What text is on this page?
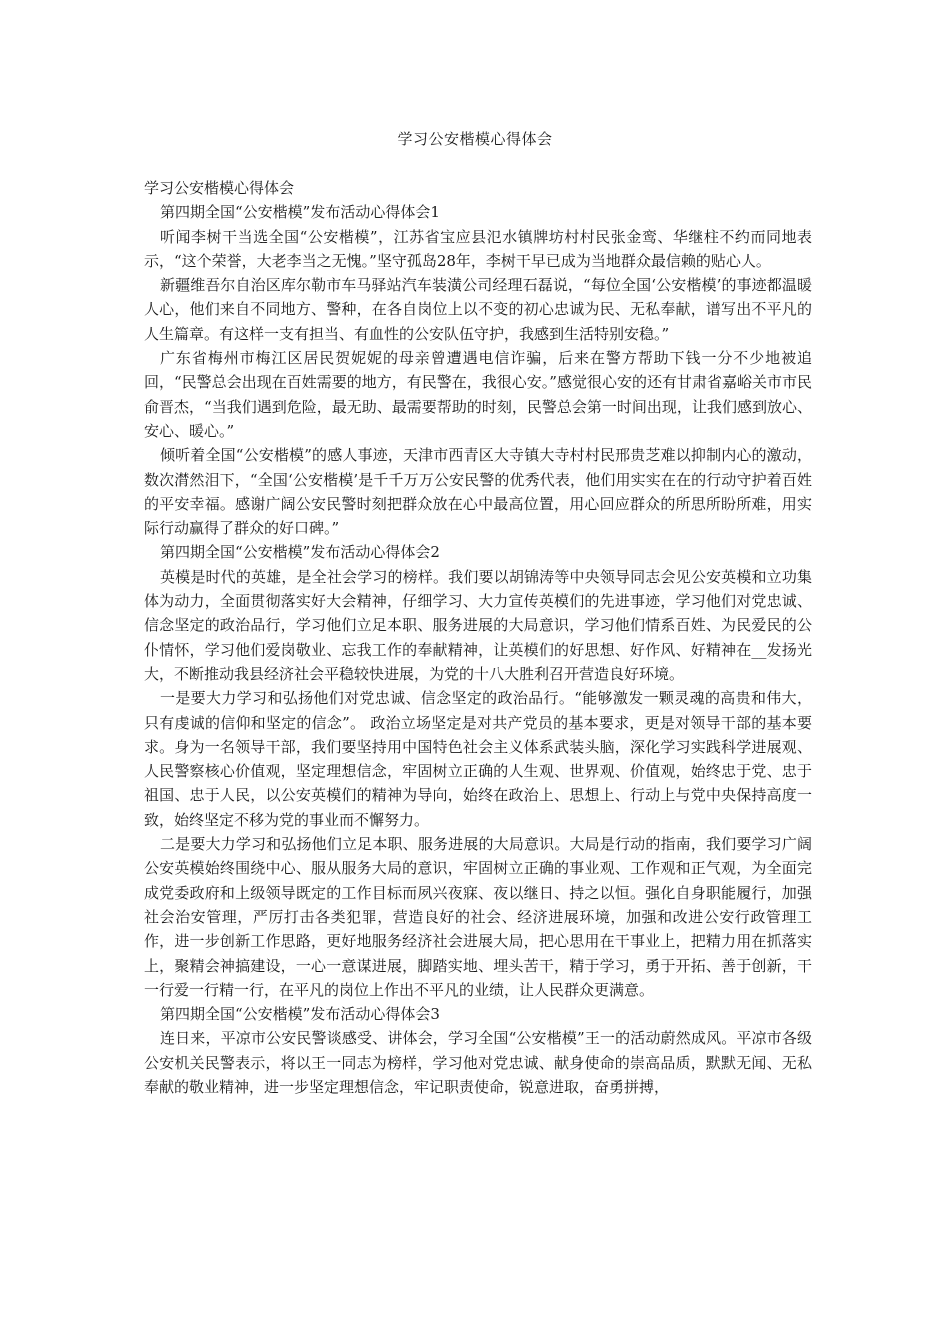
学习公安楷模心得体会

学习公安楷模心得体会

第四期全国“公安楷模”发布活动心得体会1

听闻李树干当选全国“公安楷模”，江苏省宝应县氾水镇牌坊村村民张金鸾、华继柱不约而同地表示，“这个荣誉，大老李当之无愧。”坚守孤岛28年，李树干早已成为当地群众最信赖的贴心人。

新疆维吾尔自治区库尔勒市车马驿站汽车装潢公司经理石磊说，“每位全国‘公安楷模’的事迹都温暖人心，他们来自不同地方、警种，在各自岗位上以不变的初心忠诚为民、无私奉献，谱写出不平凡的人生篇章。有这样一支有担当、有血性的公安队伍守护，我感到生活特别安稳。”

广东省梅州市梅江区居民贺妮妮的母亲曾遭遇电信诈骗，后来在警方帮助下钱一分不少地被追回，“民警总会出现在百姓需要的地方，有民警在，我很心安。”感觉很心安的还有甘肃省嘉峪关市市民俞晋杰，“当我们遇到危险，最无助、最需要帮助的时刻，民警总会第一时间出现，让我们感到放心、安心、暖心。”

倾听着全国“公安楷模”的感人事迹，天津市西青区大寺镇大寺村村民邢贵芝难以抑制内心的激动，数次潸然泪下，“全国‘公安楷模’是千千万万公安民警的优秀代表，他们用实实在在的行动守护着百姓的平安幸福。感谢广阔公安民警时刻把群众放在心中最高位置，用心回应群众的所思所盼所难，用实际行动赢得了群众的好口碑。”

第四期全国“公安楷模”发布活动心得体会2

英模是时代的英雄，是全社会学习的榜样。我们要以胡锦涛等中央领导同志会见公安英模和立功集体为动力，全面贯彻落实好大会精神，仔细学习、大力宣传英模们的先进事迹，学习他们对党忠诚、信念坚定的政治品行，学习他们立足本职、服务进展的大局意识，学习他们情系百姓、为民爱民的公仆情怀，学习他们爱岗敬业、忘我工作的奉献精神，让英模们的好思想、好作风、好精神在__发扬光大，不断推动我县经济社会平稳较快进展，为党的十八大胜利召开营造良好环境。

一是要大力学习和弘扬他们对党忠诚、信念坚定的政治品行。“能够激发一颗灵魂的高贵和伟大，只有虔诚的信仰和坚定的信念”。 政治立场坚定是对共产党员的基本要求，更是对领导干部的基本要求。身为一名领导干部，我们要坚持用中国特色社会主义体系武装头脑，深化学习实践科学进展观、人民警察核心价值观，坚定理想信念，牢固树立正确的人生观、世界观、价值观，始终忠于党、忠于祖国、忠于人民，以公安英模们的精神为导向，始终在政治上、思想上、行动上与党中央保持高度一致，始终坚定不移为党的事业而不懈努力。

二是要大力学习和弘扬他们立足本职、服务进展的大局意识。大局是行动的指南，我们要学习广阔公安英模始终围绕中心、服从服务大局的意识，牢固树立正确的事业观、工作观和正气观，为全面完成党委政府和上级领导既定的工作目标而夙兴夜寐、夜以继日、持之以恒。强化自身职能履行，加强社会治安管理，严厉打击各类犯罪，营造良好的社会、经济进展环境，加强和改进公安行政管理工作，进一步创新工作思路，更好地服务经济社会进展大局，把心思用在干事业上，把精力用在抓落实上，聚精会神搞建设，一心一意谋进展，脚踏实地、埋头苦干，精于学习，勇于开拓、善于创新，干一行爱一行精一行，在平凡的岗位上作出不平凡的业绩，让人民群众更满意。

第四期全国“公安楷模”发布活动心得体会3

连日来，平凉市公安民警谈感受、讲体会，学习全国“公安楷模”王一的活动蔚然成风。平凉市各级公安机关民警表示，将以王一同志为榜样，学习他对党忠诚、献身使命的崇高品质，默默无闻、无私奉献的敬业精神，进一步坚定理想信念，牢记职责使命，锐意进取，奋勇拼搏，
